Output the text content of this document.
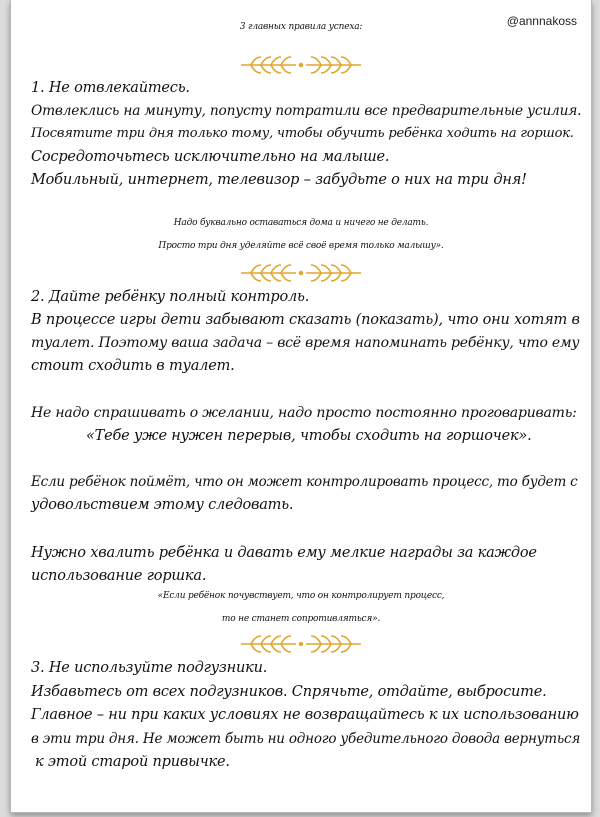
@annnakoss
3 главных правила успеха:
1. Не отвлекайтесь.
Отвлеклись на минуту, попусту потратили все предварительные усилия.
Посвятите три дня только тому, чтобы обучить ребёнка ходить на горшок.
Сосредоточьтесь исключительно на малыше.
Мобильный, интернет, телевизор – забудьте о них на три дня!
Надо буквально оставаться дома и ничего не делать.
Просто три дня уделяйте всё своё время только малышу».
2. Дайте ребёнку полный контроль.
В процессе игры дети забывают сказать (показать), что они хотят в
туалет. Поэтому ваша задача – всё время напоминать ребёнку, что ему
стоит сходить в туалет.
Не надо спрашивать о желании, надо просто постоянно проговаривать:
«Тебе уже нужен перерыв, чтобы сходить на горшочек».
Если ребёнок поймёт, что он может контролировать процесс, то будет с
удовольствием этому следовать.
Нужно хвалить ребёнка и давать ему мелкие награды за каждое
использование горшка.
«Если ребёнок почувствует, что он контролирует процесс,
то не станет сопротивляться».
3. Не используйте подгузники.
Избавьтесь от всех подгузников. Спрячьте, отдайте, выбросите.
Главное – ни при каких условиях не возвращайтесь к их использованию
в эти три дня. Не может быть ни одного убедительного довода вернуться
к этой старой привычке.
